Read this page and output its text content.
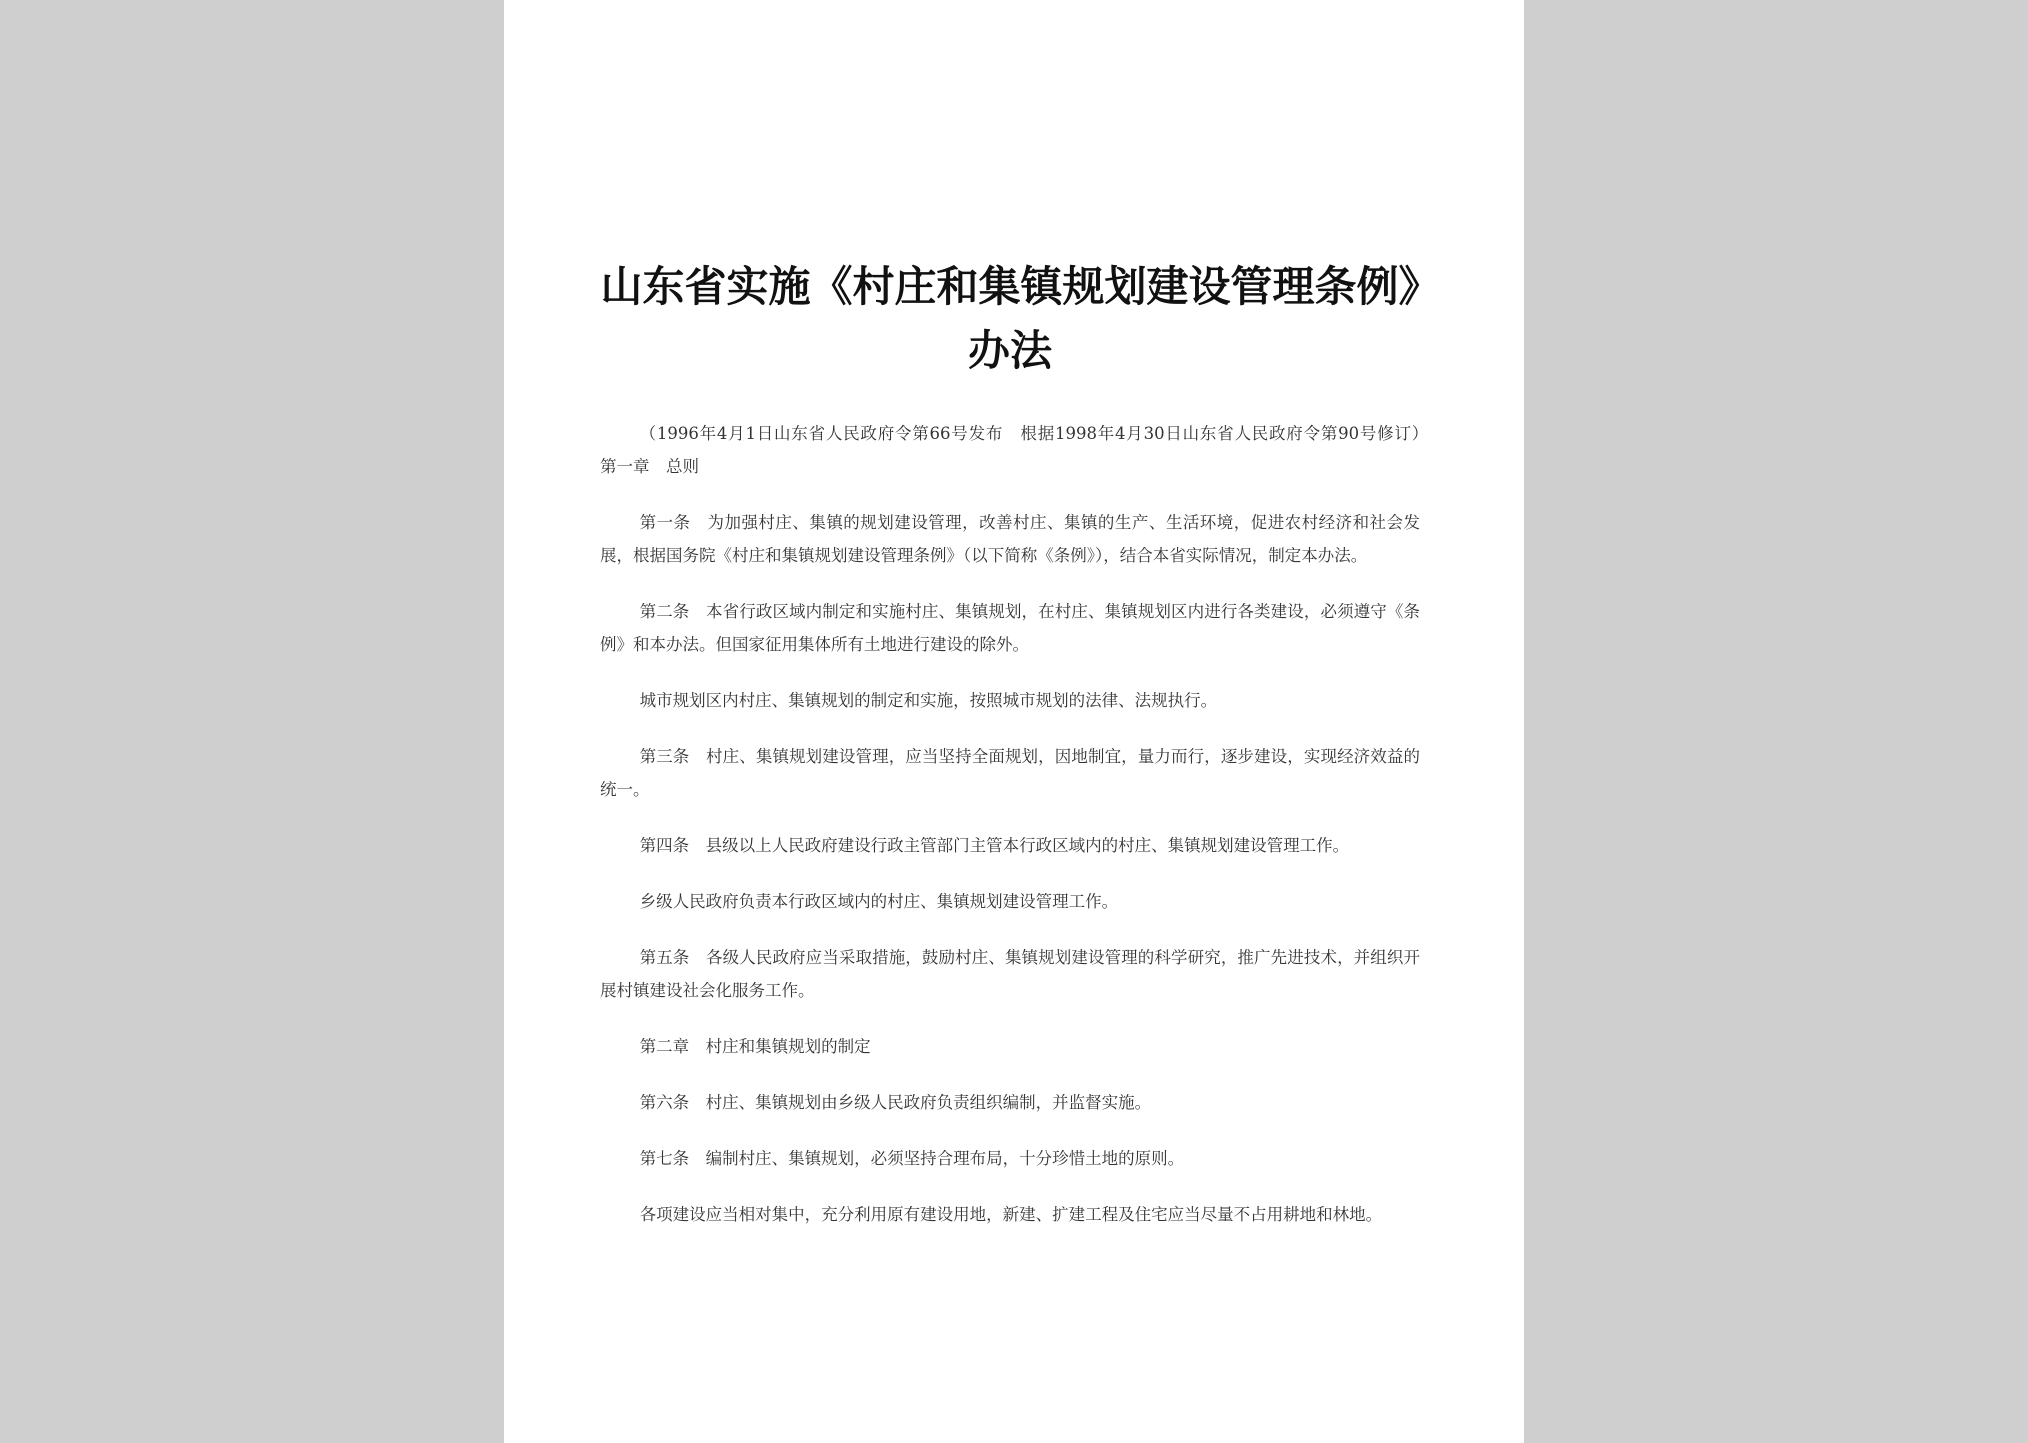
山东省实施《村庄和集镇规划建设管理条例》办法

（1996年4月1日山东省人民政府令第66号发布　根据1998年4月30日山东省人民政府令第90号修订）　第一章　总则

第一条　为加强村庄、集镇的规划建设管理，改善村庄、集镇的生产、生活环境，促进农村经济和社会发展，根据国务院《村庄和集镇规划建设管理条例》（以下简称《条例》），结合本省实际情况，制定本办法。

第二条　本省行政区域内制定和实施村庄、集镇规划，在村庄、集镇规划区内进行各类建设，必须遵守《条例》和本办法。但国家征用集体所有土地进行建设的除外。

城市规划区内村庄、集镇规划的制定和实施，按照城市规划的法律、法规执行。

第三条　村庄、集镇规划建设管理，应当坚持全面规划，因地制宜，量力而行，逐步建设，实现经济效益的统一。

第四条　县级以上人民政府建设行政主管部门主管本行政区域内的村庄、集镇规划建设管理工作。

乡级人民政府负责本行政区域内的村庄、集镇规划建设管理工作。

第五条　各级人民政府应当采取措施，鼓励村庄、集镇规划建设管理的科学研究，推广先进技术，并组织开展村镇建设社会化服务工作。

第二章　村庄和集镇规划的制定

第六条　村庄、集镇规划由乡级人民政府负责组织编制，并监督实施。

第七条　编制村庄、集镇规划，必须坚持合理布局，十分珍惜土地的原则。

各项建设应当相对集中，充分利用原有建设用地，新建、扩建工程及住宅应当尽量不占用耕地和林地。
